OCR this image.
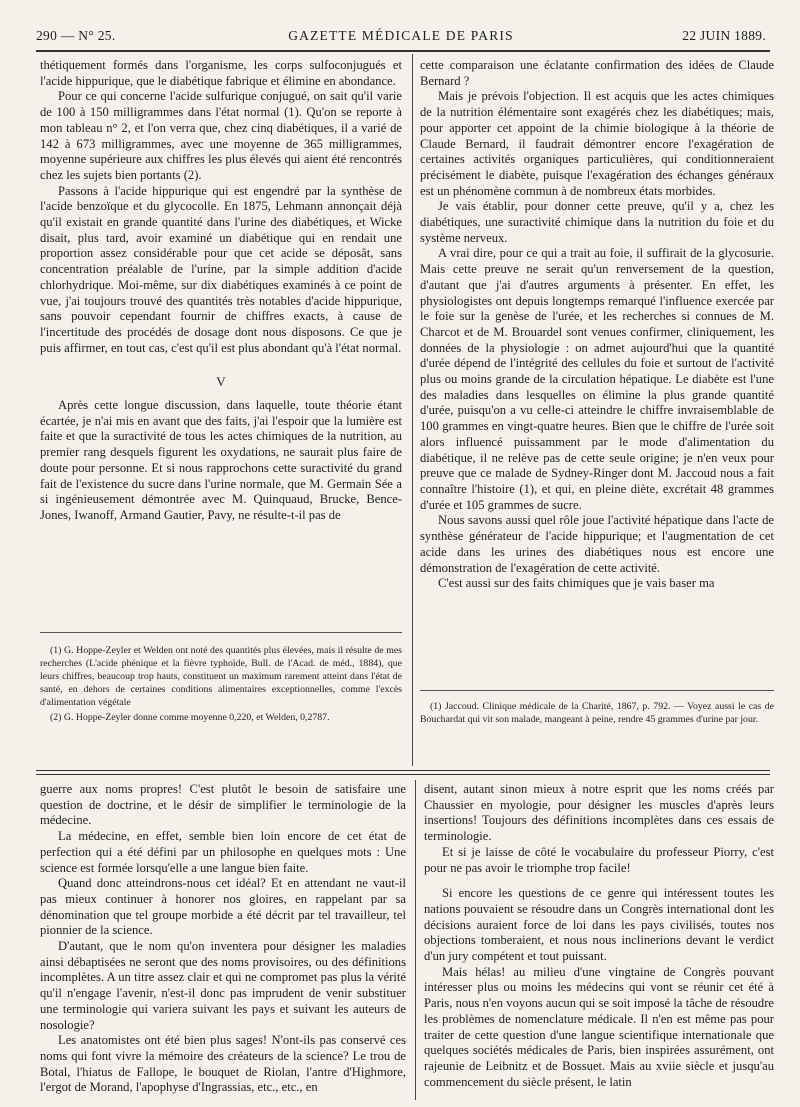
290 — N° 25.	GAZETTE MÉDICALE DE PARIS	22 JUIN 1889.

thétiquement formés dans l'organisme, les corps sulfoconjugués et l'acide hippurique, que le diabétique fabrique et élimine en abondance.

Pour ce qui concerne l'acide sulfurique conjugué, on sait qu'il varie de 100 à 150 milligrammes dans l'état normal (1). Qu'on se reporte à mon tableau n° 2, et l'on verra que, chez cinq diabétiques, il a varié de 142 à 673 milligrammes, avec une moyenne de 365 milligrammes, moyenne supérieure aux chiffres les plus élevés qui aient été rencontrés chez les sujets bien portants (2).

Passons à l'acide hippurique qui est engendré par la synthèse de l'acide benzoïque et du glycocolle. En 1875, Lehmann annonçait déjà qu'il existait en grande quantité dans l'urine des diabétiques, et Wicke disait, plus tard, avoir examiné un diabétique qui en rendait une proportion assez considérable pour que cet acide se déposât, sans concentration préalable de l'urine, par la simple addition d'acide chlorhydrique. Moi-même, sur dix diabétiques examinés à ce point de vue, j'ai toujours trouvé des quantités très notables d'acide hippurique, sans pouvoir cependant fournir de chiffres exacts, à cause de l'incertitude des procédés de dosage dont nous disposons. Ce que je puis affirmer, en tout cas, c'est qu'il est plus abondant qu'à l'état normal.

V

Après cette longue discussion, dans laquelle, toute théorie étant écartée, je n'ai mis en avant que des faits, j'ai l'espoir que la lumière est faite et que la suractivité de tous les actes chimiques de la nutrition, au premier rang desquels figurent les oxydations, ne saurait plus faire de doute pour personne. Et si nous rapprochons cette suractivité du grand fait de l'existence du sucre dans l'urine normale, que M. Germain Sée a si ingénieusement démontrée avec M. Quinquaud, Brucke, Bence-Jones, Iwanoff, Armand Gautier, Pavy, ne résulte-t-il pas de

(1) G. Hoppe-Zeyler et Welden ont noté des quantités plus élevées, mais il résulte de mes recherches (L'acide phénique et la fièvre typhoïde, Bull. de l'Acad. de méd., 1884), que leurs chiffres, beaucoup trop hauts, constituent un maximum rarement atteint dans l'état de santé, en dehors de certaines conditions alimentaires exceptionnelles, comme l'excès d'alimentation végétale

(2) G. Hoppe-Zeyler donne comme moyenne 0,220, et Welden, 0,2787.

cette comparaison une éclatante confirmation des idées de Claude Bernard ?

Mais je prévois l'objection. Il est acquis que les actes chimiques de la nutrition élémentaire sont exagérés chez les diabétiques; mais, pour apporter cet appoint de la chimie biologique à la théorie de Claude Bernard, il faudrait démontrer encore l'exagération de certaines activités organiques particulières, qui conditionneraient précisément le diabète, puisque l'exagération des échanges généraux est un phénomène commun à de nombreux états morbides.

Je vais établir, pour donner cette preuve, qu'il y a, chez les diabétiques, une suractivité chimique dans la nutrition du foie et du système nerveux.

A vrai dire, pour ce qui a trait au foie, il suffirait de la glycosurie. Mais cette preuve ne serait qu'un renversement de la question, d'autant que j'ai d'autres arguments à présenter. En effet, les physiologistes ont depuis longtemps remarqué l'influence exercée par le foie sur la genèse de l'urée, et les recherches si connues de M. Charcot et de M. Brouardel sont venues confirmer, cliniquement, les données de la physiologie : on admet aujourd'hui que la quantité d'urée dépend de l'intégrité des cellules du foie et surtout de l'activité plus ou moins grande de la circulation hépatique. Le diabète est l'une des maladies dans lesquelles on élimine la plus grande quantité d'urée, puisqu'on a vu celle-ci atteindre le chiffre invraisemblable de 100 grammes en vingt-quatre heures. Bien que le chiffre de l'urée soit alors influencé puissamment par le mode d'alimentation du diabétique, il ne relève pas de cette seule origine; je n'en veux pour preuve que ce malade de Sydney-Ringer dont M. Jaccoud nous a fait connaître l'histoire (1), et qui, en pleine diète, excrétait 48 grammes d'urée et 105 grammes de sucre.

Nous savons aussi quel rôle joue l'activité hépatique dans l'acte de synthèse générateur de l'acide hippurique; et l'augmentation de cet acide dans les urines des diabétiques nous est encore une démonstration de l'exagération de cette activité.

C'est aussi sur des faits chimiques que je vais baser ma

(1) Jaccoud. Clinique médicale de la Charité, 1867, p. 792. — Voyez aussi le cas de Bouchardat qui vit son malade, mangeant à peine, rendre 45 grammes d'urine par jour.

guerre aux noms propres! C'est plutôt le besoin de satisfaire une question de doctrine, et le désir de simplifier le terminologie de la médecine.

La médecine, en effet, semble bien loin encore de cet état de perfection qui a été défini par un philosophe en quelques mots : Une science est formée lorsqu'elle a une langue bien faite.

Quand donc atteindrons-nous cet idéal? Et en attendant ne vaut-il pas mieux continuer à honorer nos gloires, en rappelant par sa dénomination que tel groupe morbide a été décrit par tel travailleur, tel pionnier de la science.

D'autant, que le nom qu'on inventera pour désigner les maladies ainsi débaptisées ne seront que des noms provisoires, ou des définitions incomplètes. A un titre assez clair et qui ne compromet pas plus la vérité qu'il n'engage l'avenir, n'est-il donc pas imprudent de venir substituer une terminologie qui variera suivant les pays et suivant les auteurs de nosologie?

Les anatomistes ont été bien plus sages! N'ont-ils pas conservé ces noms qui font vivre la mémoire des créateurs de la science? Le trou de Botal, l'hiatus de Fallope, le bouquet de Riolan, l'antre d'Highmore, l'ergot de Morand, l'apophyse d'Ingrassias, etc., etc., en

disent, autant sinon mieux à notre esprit que les noms créés par Chaussier en myologie, pour désigner les muscles d'après leurs insertions! Toujours des définitions incomplètes dans ces essais de terminologie.

Et si je laisse de côté le vocabulaire du professeur Piorry, c'est pour ne pas avoir le triomphe trop facile!

Si encore les questions de ce genre qui intéressent toutes les nations pouvaient se résoudre dans un Congrès international dont les décisions auraient force de loi dans les pays civilisés, toutes nos objections tomberaient, et nous nous inclinerions devant le verdict d'un jury compétent et tout puissant.

Mais hélas! au milieu d'une vingtaine de Congrès pouvant intéresser plus ou moins les médecins qui vont se réunir cet été à Paris, nous n'en voyons aucun qui se soit imposé la tâche de résoudre les problèmes de nomenclature médicale. Il n'en est même pas pour traiter de cette question d'une langue scientifique internationale que quelques sociétés médicales de Paris, bien inspirées assurément, ont rajeunie de Leibnitz et de Bossuet. Mais au xviie siècle et jusqu'au commencement du siècle présent, le latin
